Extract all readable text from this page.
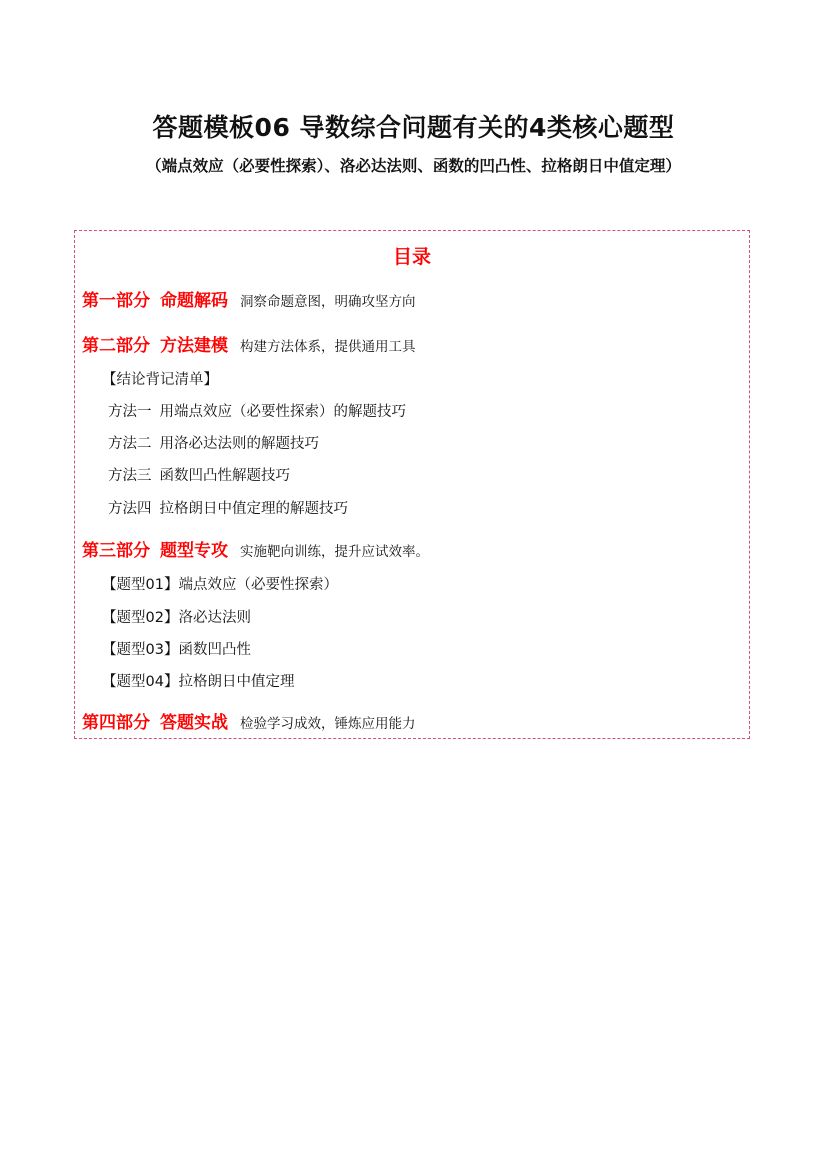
答题模板06 导数综合问题有关的4类核心题型
（端点效应（必要性探索）、洛必达法则、函数的凹凸性、拉格朗日中值定理）
目录
第一部分 命题解码 洞察命题意图，明确攻坚方向
第二部分 方法建模 构建方法体系，提供通用工具
【结论背记清单】
方法一 用端点效应（必要性探索）的解题技巧
方法二 用洛必达法则的解题技巧
方法三 函数凹凸性解题技巧
方法四 拉格朗日中值定理的解题技巧
第三部分 题型专攻 实施靶向训练，提升应试效率。
【题型01】端点效应（必要性探索）
【题型02】洛必达法则
【题型03】函数凹凸性
【题型04】拉格朗日中值定理
第四部分 答题实战 检验学习成效，锤炼应用能力
